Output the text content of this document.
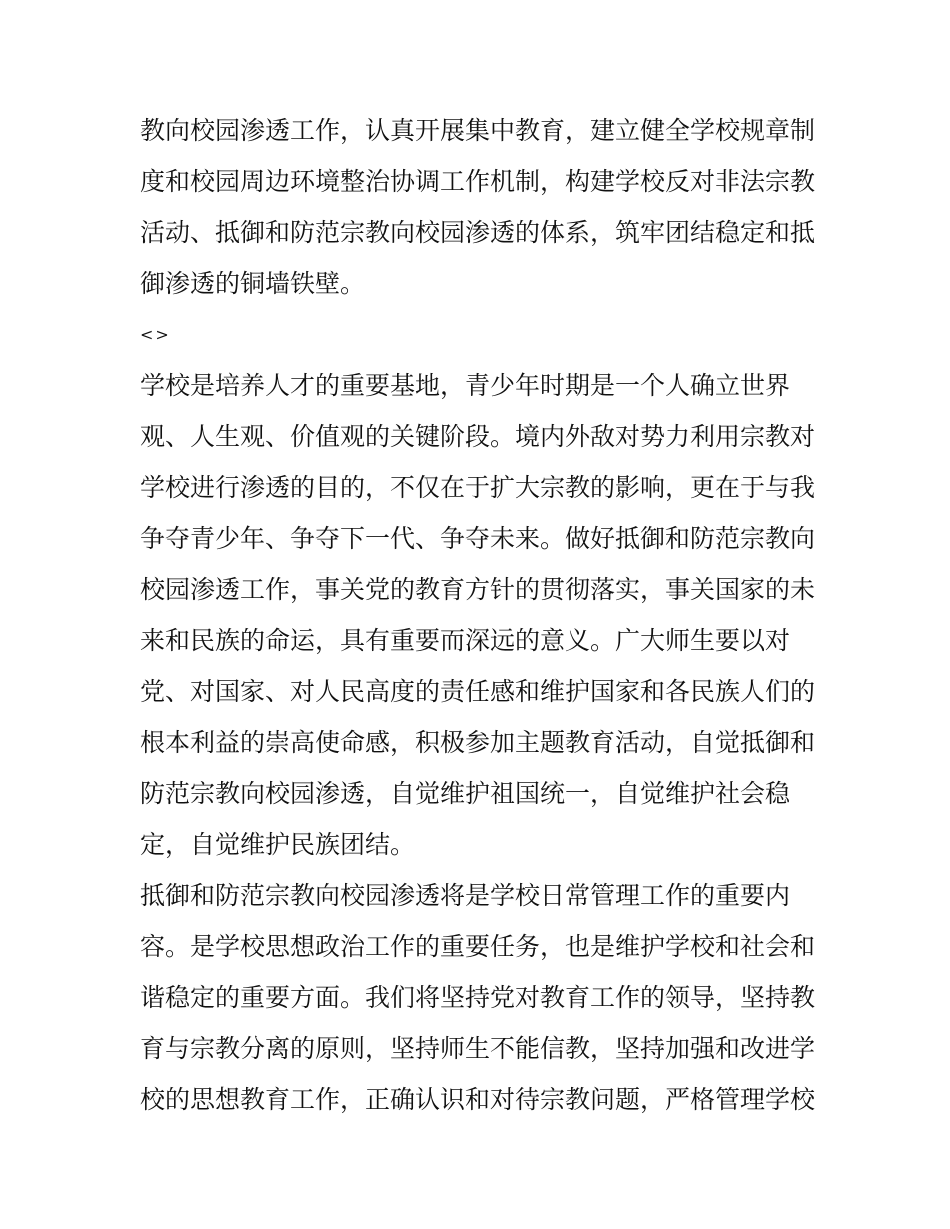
教向校园渗透工作，认真开展集中教育，建立健全学校规章制
度和校园周边环境整治协调工作机制，构建学校反对非法宗教
活动、抵御和防范宗教向校园渗透的体系，筑牢团结稳定和抵
御渗透的铜墙铁壁。
<>
学校是培养人才的重要基地，青少年时期是一个人确立世界
观、人生观、价值观的关键阶段。境内外敌对势力利用宗教对
学校进行渗透的目的，不仅在于扩大宗教的影响，更在于与我
争夺青少年、争夺下一代、争夺未来。做好抵御和防范宗教向
校园渗透工作，事关党的教育方针的贯彻落实，事关国家的未
来和民族的命运，具有重要而深远的意义。广大师生要以对
党、对国家、对人民高度的责任感和维护国家和各民族人们的
根本利益的崇高使命感，积极参加主题教育活动，自觉抵御和
防范宗教向校园渗透，自觉维护祖国统一，自觉维护社会稳
定，自觉维护民族团结。
抵御和防范宗教向校园渗透将是学校日常管理工作的重要内
容。是学校思想政治工作的重要任务，也是维护学校和社会和
谐稳定的重要方面。我们将坚持党对教育工作的领导，坚持教
育与宗教分离的原则，坚持师生不能信教，坚持加强和改进学
校的思想教育工作，正确认识和对待宗教问题，严格管理学校
